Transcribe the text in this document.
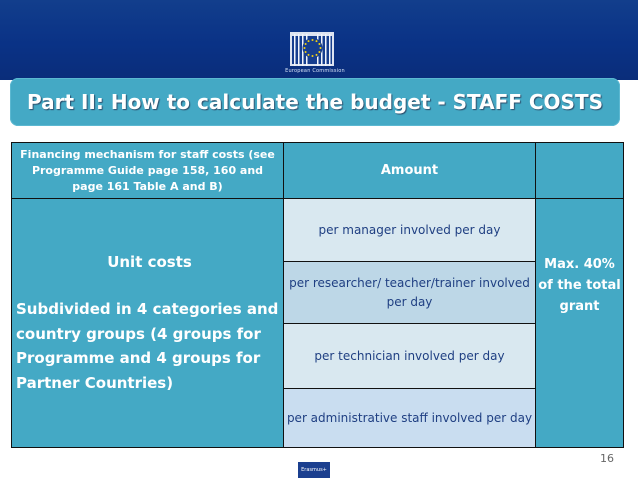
European Commission
Part II: How to calculate the budget - STAFF COSTS
Financing mechanism for staff costs (see Programme Guide page 158, 160 and page 161 Table A and B)	Amount	

Unit costs
Subdivided in 4 categories and country groups (4 groups for Programme and 4 groups for Partner Countries)	per manager involved per day	Max. 40% of the total grant

	per researcher/ teacher/trainer involved per day	
	per technician involved per day	
	per administrative staff involved per day	
16
Erasmus+
